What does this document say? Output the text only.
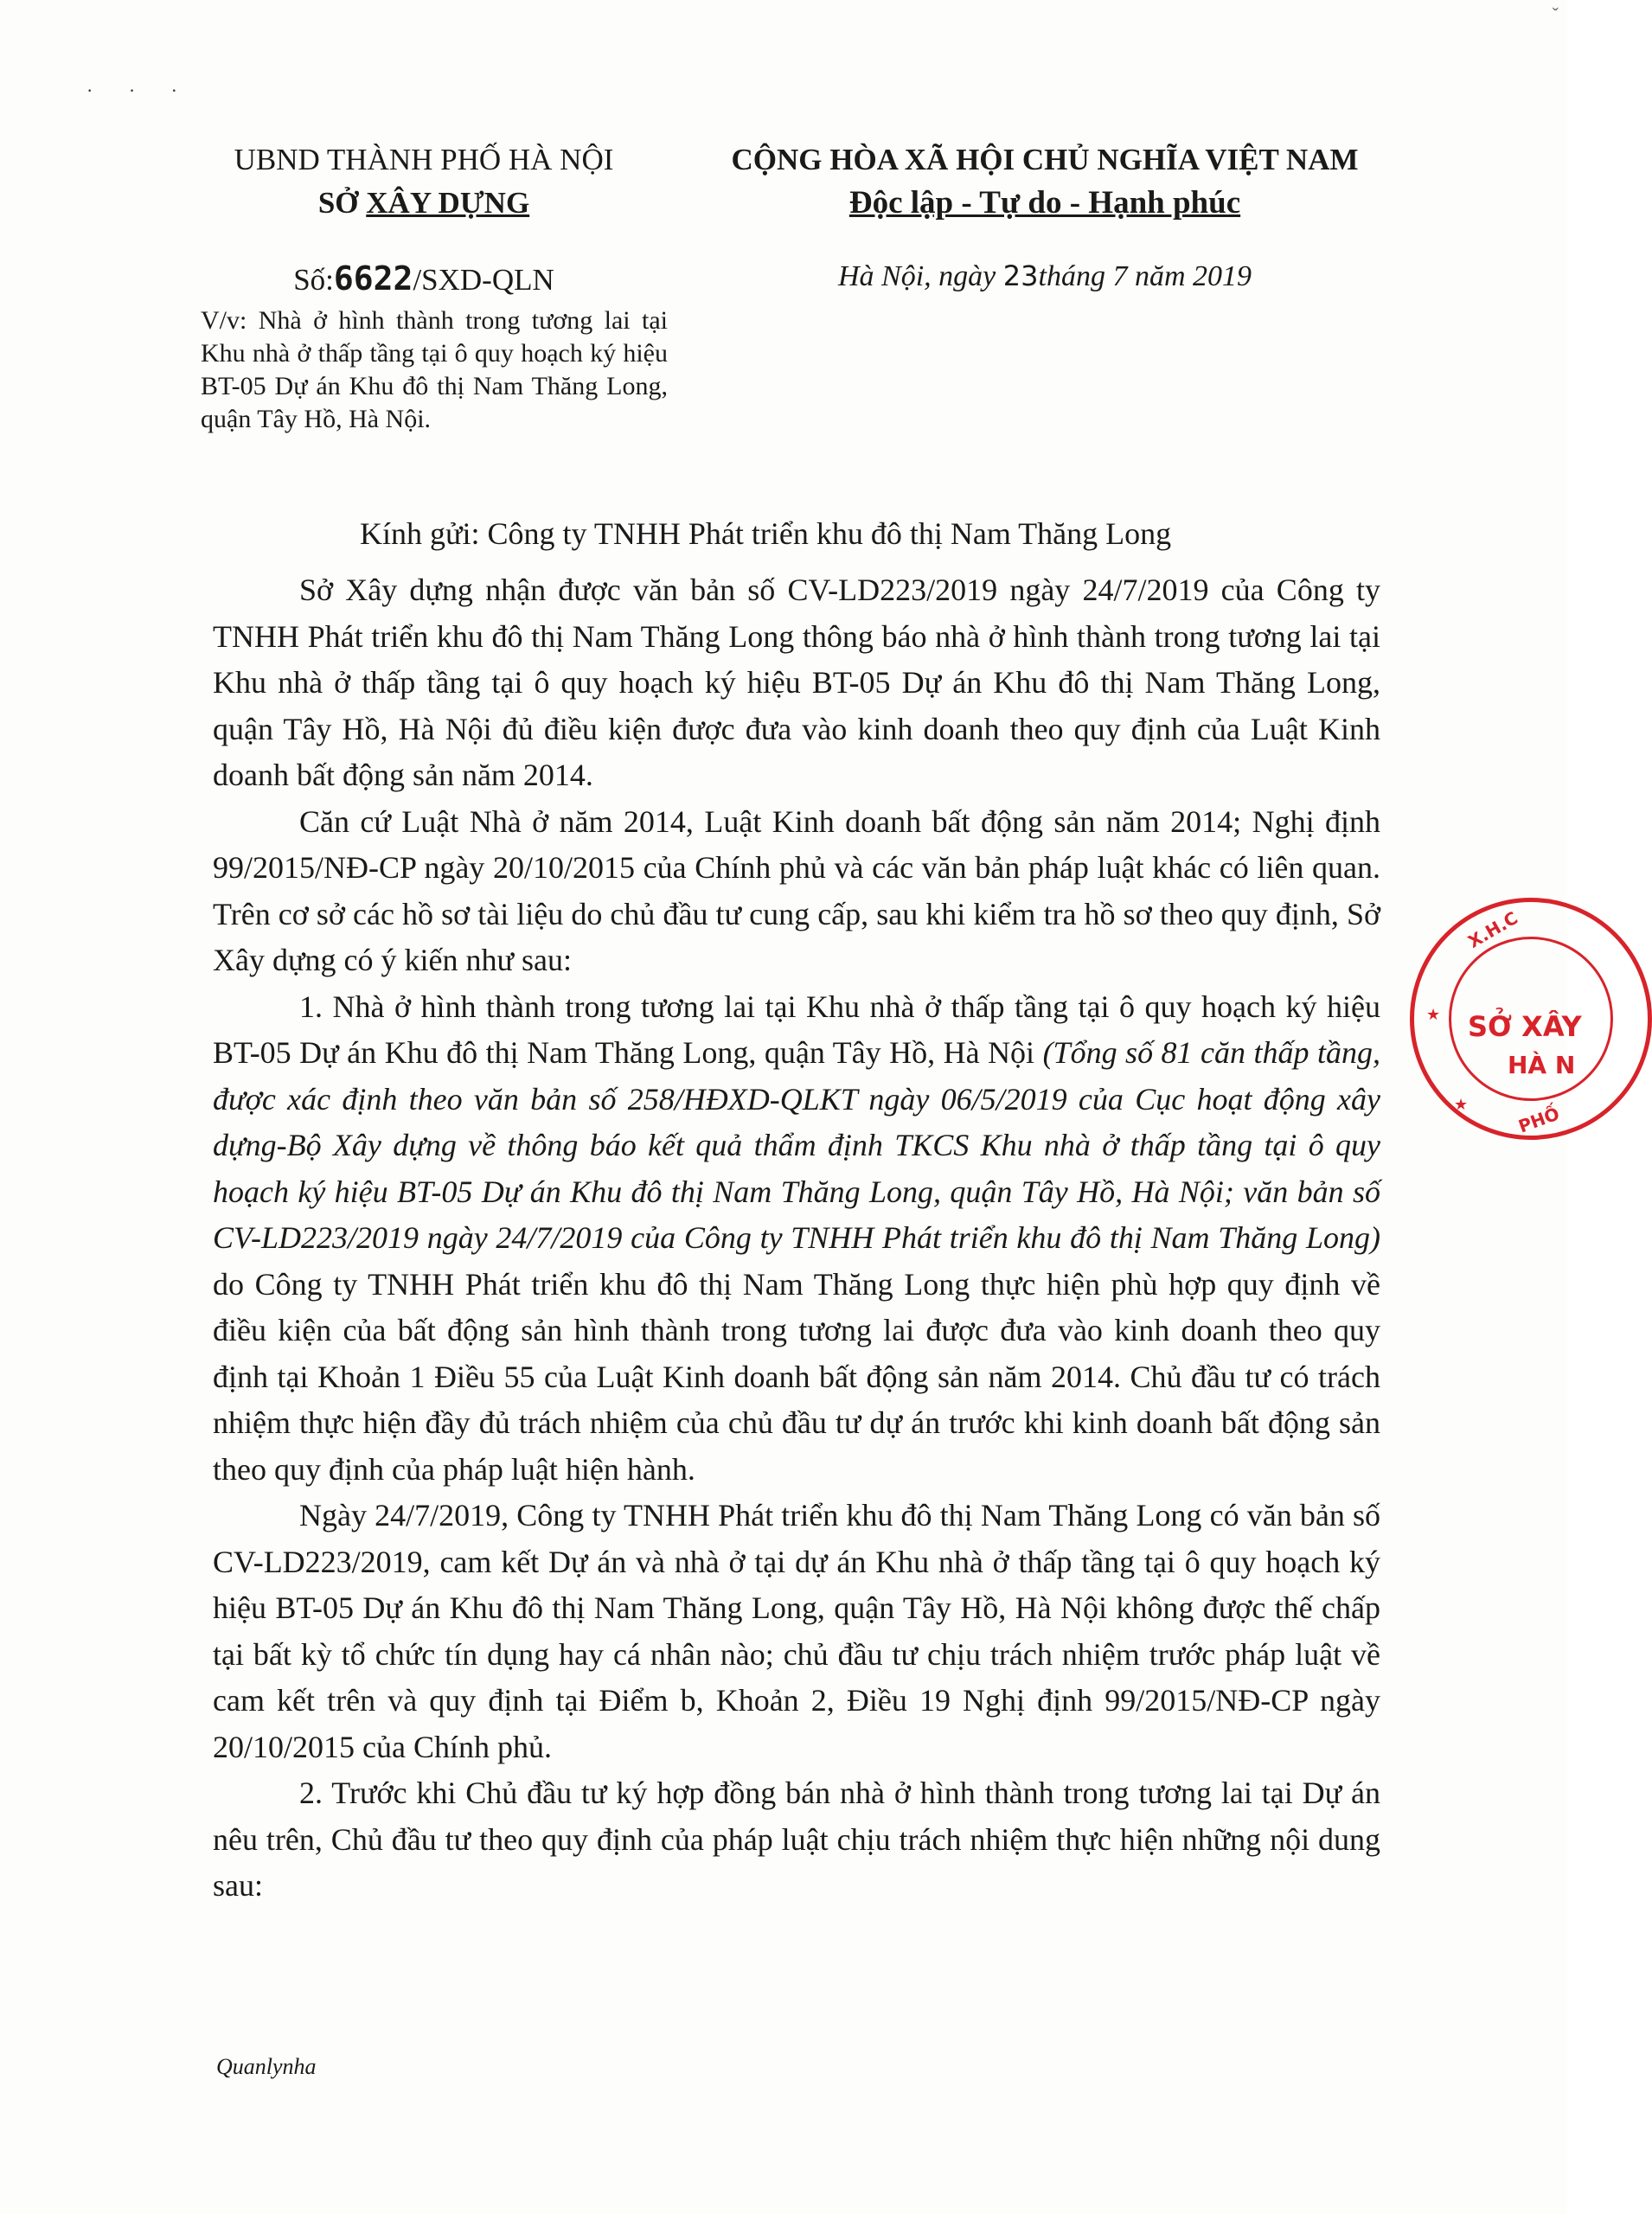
· · ·
ˇ
UBND THÀNH PHỐ HÀ NỘI
SỞ XÂY DỰNG
CỘNG HÒA XÃ HỘI CHỦ NGHĨA VIỆT NAM
Độc lập - Tự do - Hạnh phúc
Số:6622/SXD-QLN	Hà Nội, ngày 23tháng 7 năm 2019
V/v: Nhà ở hình thành trong tương lai tại Khu nhà ở thấp tầng tại ô quy hoạch ký hiệu BT-05 Dự án Khu đô thị Nam Thăng Long, quận Tây Hồ, Hà Nội.
Kính gửi: Công ty TNHH Phát triển khu đô thị Nam Thăng Long

Sở Xây dựng nhận được văn bản số CV-LD223/2019 ngày 24/7/2019 của Công ty TNHH Phát triển khu đô thị Nam Thăng Long thông báo nhà ở hình thành trong tương lai tại Khu nhà ở thấp tầng tại ô quy hoạch ký hiệu BT-05 Dự án Khu đô thị Nam Thăng Long, quận Tây Hồ, Hà Nội đủ điều kiện được đưa vào kinh doanh theo quy định của Luật Kinh doanh bất động sản năm 2014.

Căn cứ Luật Nhà ở năm 2014, Luật Kinh doanh bất động sản năm 2014; Nghị định 99/2015/NĐ-CP ngày 20/10/2015 của Chính phủ và các văn bản pháp luật khác có liên quan. Trên cơ sở các hồ sơ tài liệu do chủ đầu tư cung cấp, sau khi kiểm tra hồ sơ theo quy định, Sở Xây dựng có ý kiến như sau:

1. Nhà ở hình thành trong tương lai tại Khu nhà ở thấp tầng tại ô quy hoạch ký hiệu BT-05 Dự án Khu đô thị Nam Thăng Long, quận Tây Hồ, Hà Nội (Tổng số 81 căn thấp tầng, được xác định theo văn bản số 258/HĐXD-QLKT ngày 06/5/2019 của Cục hoạt động xây dựng-Bộ Xây dựng về thông báo kết quả thẩm định TKCS Khu nhà ở thấp tầng tại ô quy hoạch ký hiệu BT-05 Dự án Khu đô thị Nam Thăng Long, quận Tây Hồ, Hà Nội; văn bản số CV-LD223/2019 ngày 24/7/2019 của Công ty TNHH Phát triển khu đô thị Nam Thăng Long) do Công ty TNHH Phát triển khu đô thị Nam Thăng Long thực hiện phù hợp quy định về điều kiện của bất động sản hình thành trong tương lai được đưa vào kinh doanh theo quy định tại Khoản 1 Điều 55 của Luật Kinh doanh bất động sản năm 2014. Chủ đầu tư có trách nhiệm thực hiện đầy đủ trách nhiệm của chủ đầu tư dự án trước khi kinh doanh bất động sản theo quy định của pháp luật hiện hành.

Ngày 24/7/2019, Công ty TNHH Phát triển khu đô thị Nam Thăng Long có văn bản số CV-LD223/2019, cam kết Dự án và nhà ở tại dự án Khu nhà ở thấp tầng tại ô quy hoạch ký hiệu BT-05 Dự án Khu đô thị Nam Thăng Long, quận Tây Hồ, Hà Nội không được thế chấp tại bất kỳ tổ chức tín dụng hay cá nhân nào; chủ đầu tư chịu trách nhiệm trước pháp luật về cam kết trên và quy định tại Điểm b, Khoản 2, Điều 19 Nghị định 99/2015/NĐ-CP ngày 20/10/2015 của Chính phủ.

2. Trước khi Chủ đầu tư ký hợp đồng bán nhà ở hình thành trong tương lai tại Dự án nêu trên, Chủ đầu tư theo quy định của pháp luật chịu trách nhiệm thực hiện những nội dung sau:

Quanlynha
X.H.C
★ SỞ XÂY
HÀ N
★	PHỐ
